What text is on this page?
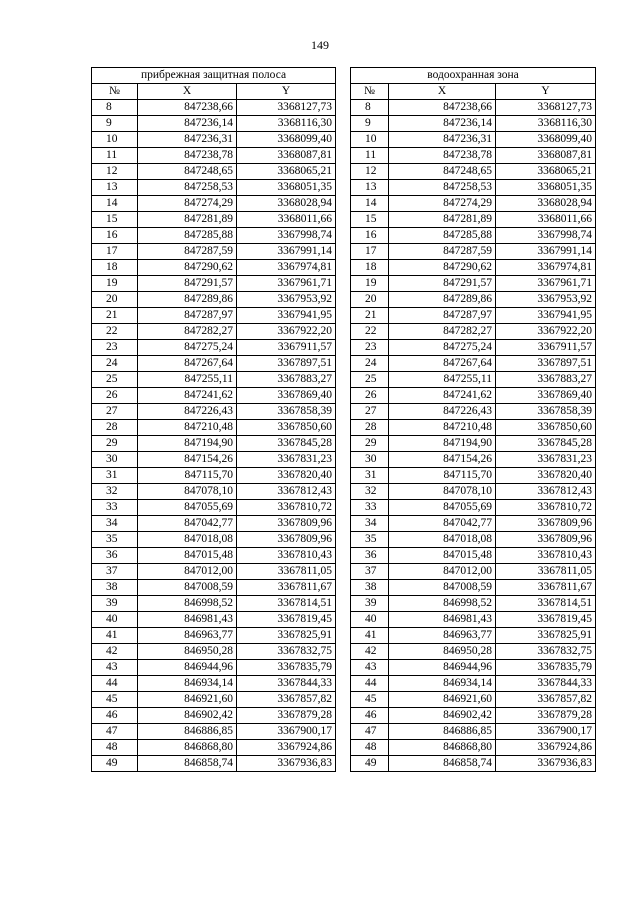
149
прибрежная защитная полоса				водоохранная зона		
№	X	Y		№	X	Y
8	847238,66	3368127,73		8	847238,66	3368127,73
9	847236,14	3368116,30		9	847236,14	3368116,30
10	847236,31	3368099,40		10	847236,31	3368099,40
11	847238,78	3368087,81		11	847238,78	3368087,81
12	847248,65	3368065,21		12	847248,65	3368065,21
13	847258,53	3368051,35		13	847258,53	3368051,35
14	847274,29	3368028,94		14	847274,29	3368028,94
15	847281,89	3368011,66		15	847281,89	3368011,66
16	847285,88	3367998,74		16	847285,88	3367998,74
17	847287,59	3367991,14		17	847287,59	3367991,14
18	847290,62	3367974,81		18	847290,62	3367974,81
19	847291,57	3367961,71		19	847291,57	3367961,71
20	847289,86	3367953,92		20	847289,86	3367953,92
21	847287,97	3367941,95		21	847287,97	3367941,95
22	847282,27	3367922,20		22	847282,27	3367922,20
23	847275,24	3367911,57		23	847275,24	3367911,57
24	847267,64	3367897,51		24	847267,64	3367897,51
25	847255,11	3367883,27		25	847255,11	3367883,27
26	847241,62	3367869,40		26	847241,62	3367869,40
27	847226,43	3367858,39		27	847226,43	3367858,39
28	847210,48	3367850,60		28	847210,48	3367850,60
29	847194,90	3367845,28		29	847194,90	3367845,28
30	847154,26	3367831,23		30	847154,26	3367831,23
31	847115,70	3367820,40		31	847115,70	3367820,40
32	847078,10	3367812,43		32	847078,10	3367812,43
33	847055,69	3367810,72		33	847055,69	3367810,72
34	847042,77	3367809,96		34	847042,77	3367809,96
35	847018,08	3367809,96		35	847018,08	3367809,96
36	847015,48	3367810,43		36	847015,48	3367810,43
37	847012,00	3367811,05		37	847012,00	3367811,05
38	847008,59	3367811,67		38	847008,59	3367811,67
39	846998,52	3367814,51		39	846998,52	3367814,51
40	846981,43	3367819,45		40	846981,43	3367819,45
41	846963,77	3367825,91		41	846963,77	3367825,91
42	846950,28	3367832,75		42	846950,28	3367832,75
43	846944,96	3367835,79		43	846944,96	3367835,79
44	846934,14	3367844,33		44	846934,14	3367844,33
45	846921,60	3367857,82		45	846921,60	3367857,82
46	846902,42	3367879,28		46	846902,42	3367879,28
47	846886,85	3367900,17		47	846886,85	3367900,17
48	846868,80	3367924,86		48	846868,80	3367924,86
49	846858,74	3367936,83		49	846858,74	3367936,83
